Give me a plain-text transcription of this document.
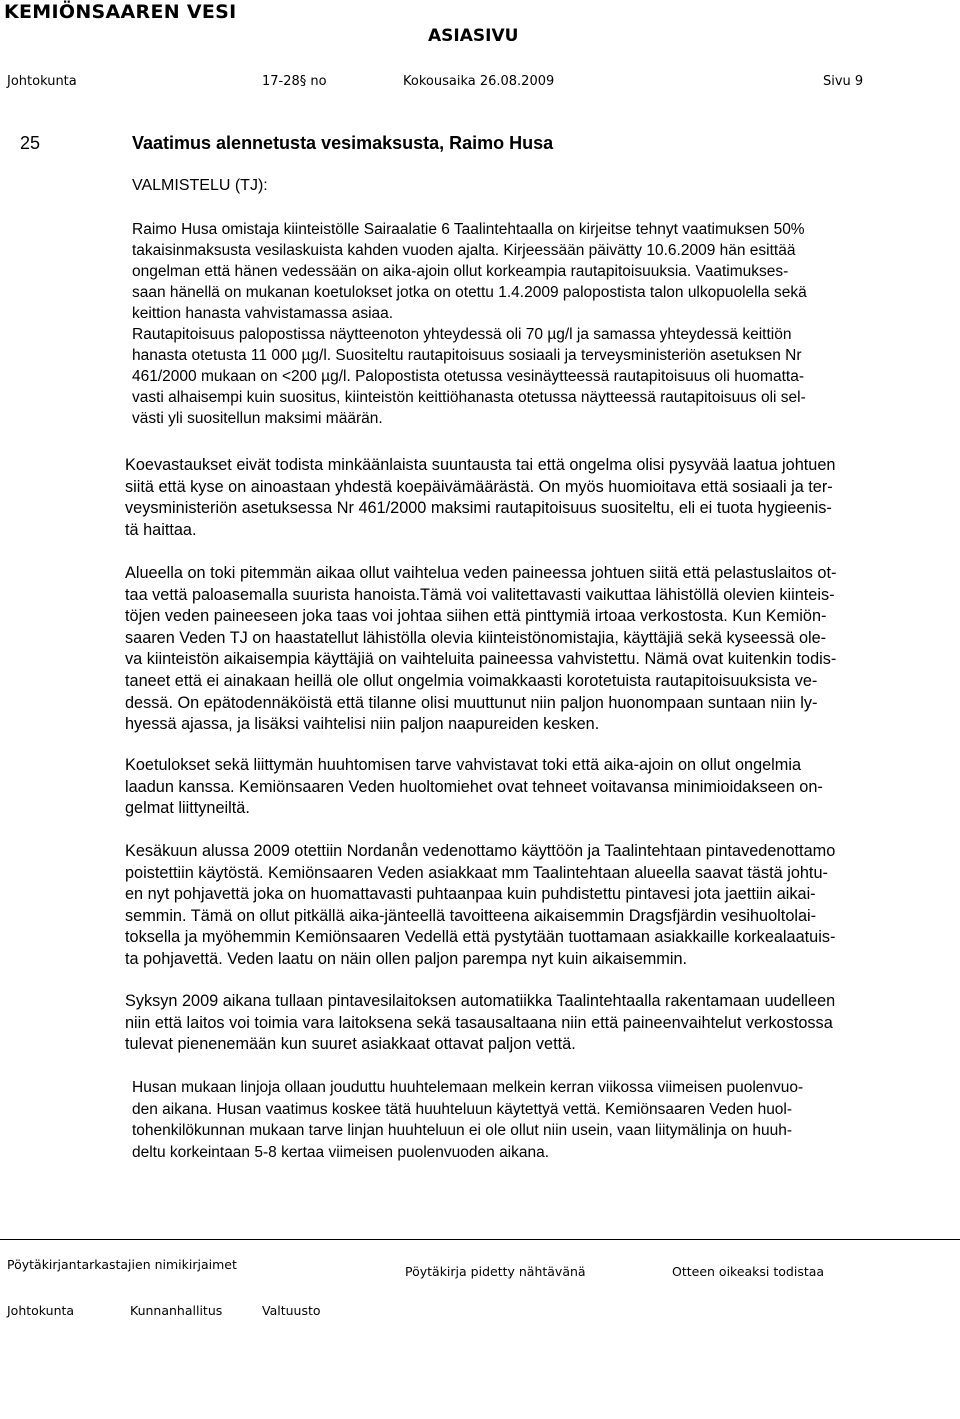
KEMIÖNSAAREN VESI
ASIASIVU
Johtokunta	17-28§ no	Kokousaika 26.08.2009	Sivu 9
25	Vaatimus alennetusta vesimaksusta, Raimo Husa
VALMISTELU (TJ):
Raimo Husa omistaja kiinteistölle Sairaalatie 6 Taalintehtaalla on kirjeitse tehnyt vaatimuksen 50%
takaisinmaksusta vesilaskuista kahden vuoden ajalta. Kirjeessään päivätty 10.6.2009 hän esittää
ongelman että hänen vedessään on aika-ajoin ollut korkeampia rautapitoisuuksia. Vaatimukses-
saan hänellä on mukanan koetulokset jotka on otettu 1.4.2009 palopostista talon ulkopuolella sekä
keittion hanasta vahvistamassa asiaa.
Rautapitoisuus palopostissa näytteenoton yhteydessä oli 70 µg/l ja samassa yhteydessä keittiön
hanasta otetusta 11 000 µg/l. Suositeltu rautapitoisuus sosiaali ja terveysministeriön asetuksen Nr
461/2000 mukaan on <200 µg/l. Palopostista otetussa vesinäytteessä rautapitoisuus oli huomatta-
vasti alhaisempi kuin suositus, kiinteistön keittiöhanasta otetussa näytteessä rautapitoisuus oli sel-
västi yli suositellun maksimi määrän.
Koevastaukset eivät todista minkäänlaista suuntausta tai että ongelma olisi pysyvää laatua johtuen
siitä että kyse on ainoastaan yhdestä koepäivämäärästä. On myös huomioitava että sosiaali ja ter-
veysministeriön asetuksessa Nr 461/2000 maksimi rautapitoisuus suositeltu, eli ei tuota hygieenis-
tä haittaa.
Alueella on toki pitemmän aikaa ollut vaihtelua veden paineessa johtuen siitä että pelastuslaitos ot-
taa vettä paloasemalla suurista hanoista.Tämä voi valitettavasti vaikuttaa lähistöllä olevien kiinteis-
töjen veden paineeseen joka taas voi johtaa siihen että pinttymiä irtoaa verkostosta. Kun Kemiön-
saaren Veden TJ on haastatellut lähistölla olevia kiinteistönomistajia, käyttäjiä sekä kyseessä ole-
va kiinteistön aikaisempia käyttäjiä on vaihteluita paineessa vahvistettu. Nämä ovat kuitenkin todis-
taneet että ei ainakaan heillä ole ollut ongelmia voimakkaasti korotetuista rautapitoisuuksista ve-
dessä. On epätodennäköistä että tilanne olisi muuttunut niin paljon huonompaan suntaan niin ly-
hyessä ajassa, ja lisäksi vaihtelisi niin paljon naapureiden kesken.
Koetulokset sekä liittymän huuhtomisen tarve vahvistavat toki että aika-ajoin on ollut ongelmia
laadun kanssa. Kemiönsaaren Veden huoltomiehet ovat tehneet voitavansa minimioidakseen on-
gelmat liittyneiltä.
Kesäkuun alussa 2009 otettiin Nordanån vedenottamo käyttöön ja Taalintehtaan pintavedenottamo
poistettiin käytöstä. Kemiönsaaren Veden asiakkaat mm Taalintehtaan alueella saavat tästä johtu-
en nyt pohjavettä joka on huomattavasti puhtaanpaa kuin puhdistettu pintavesi jota jaettiin aikai-
semmin. Tämä on ollut pitkällä aika-jänteellä tavoitteena aikaisemmin Dragsfjärdin vesihuoltolai-
toksella ja myöhemmin Kemiönsaaren Vedellä että pystytään tuottamaan asiakkaille korkealaatuis-
ta pohjavettä. Veden laatu on näin ollen paljon parempa nyt kuin aikaisemmin.
Syksyn 2009 aikana tullaan pintavesilaitoksen automatiikka Taalintehtaalla rakentamaan uudelleen
niin että laitos voi toimia vara laitoksena sekä tasausaltaana niin että paineenvaihtelut verkostossa
tulevat pienenemään kun suuret asiakkaat ottavat paljon vettä.
Husan mukaan linjoja ollaan jouduttu huuhtelemaan melkein kerran viikossa viimeisen puolenvuo-
den aikana. Husan vaatimus koskee tätä huuhteluun käytettyä vettä. Kemiönsaaren Veden huol-
tohenkilökunnan mukaan tarve linjan huuhteluun ei ole ollut niin usein, vaan liitymälinja on huuh-
deltu korkeintaan 5-8 kertaa viimeisen puolenvuoden aikana.
Pöytäkirjantarkastajien nimikirjaimet	Pöytäkirja pidetty nähtävänä	Otteen oikeaksi todistaa
Johtokunta	Kunnanhallitus	Valtuusto
